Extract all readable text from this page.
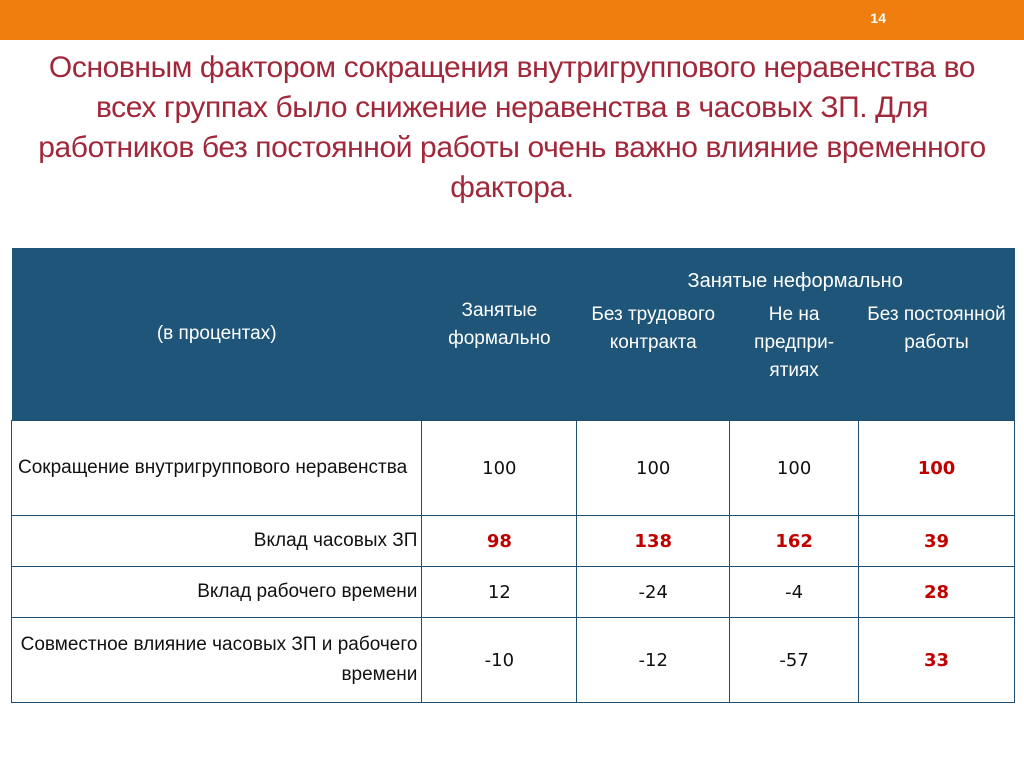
14
Основным фактором сокращения внутригруппового неравенства во всех группах было снижение неравенства в часовых ЗП. Для работников без постоянной работы очень важно влияние временного фактора.
(в процентах)	Занятые неформально			
	Занятые формально	Без трудового контракта	Не на предпри-ятиях	Без постоянной работы
Сокращение внутригруппового неравенства	100	100	100	100
Вклад часовых ЗП	98	138	162	39
Вклад рабочего времени	12	-24	-4	28
Совместное влияние часовых ЗП и рабочего времени	-10	-12	-57	33
